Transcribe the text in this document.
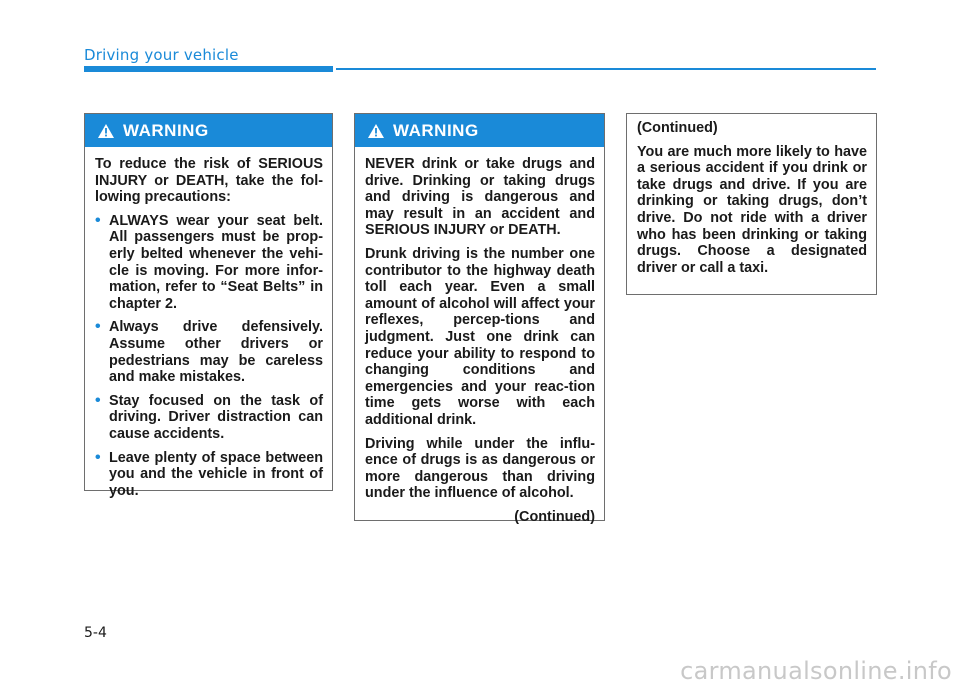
Driving your vehicle
WARNING

To reduce the risk of SERIOUS INJURY or DEATH, take the fol-lowing precautions:

• ALWAYS wear your seat belt. All passengers must be prop-erly belted whenever the vehi-cle is moving. For more infor-mation, refer to “Seat Belts” in chapter 2.
• Always drive defensively. Assume other drivers or pedestrians may be careless and make mistakes.
• Stay focused on the task of driving. Driver distraction can cause accidents.
• Leave plenty of space between you and the vehicle in front of you.
WARNING

NEVER drink or take drugs and drive. Drinking or taking drugs and driving is dangerous and may result in an accident and SERIOUS INJURY or DEATH.

Drunk driving is the number one contributor to the highway death toll each year. Even a small amount of alcohol will affect your reflexes, percep-tions and judgment. Just one drink can reduce your ability to respond to changing conditions and emergencies and your reac-tion time gets worse with each additional drink.

Driving while under the influ-ence of drugs is as dangerous or more dangerous than driving under the influence of alcohol.

(Continued)

(Continued)

You are much more likely to have a serious accident if you drink or take drugs and drive. If you are drinking or taking drugs, don’t drive. Do not ride with a driver who has been drinking or taking drugs. Choose a designated driver or call a taxi.

5-4
carmanualsonline.info
